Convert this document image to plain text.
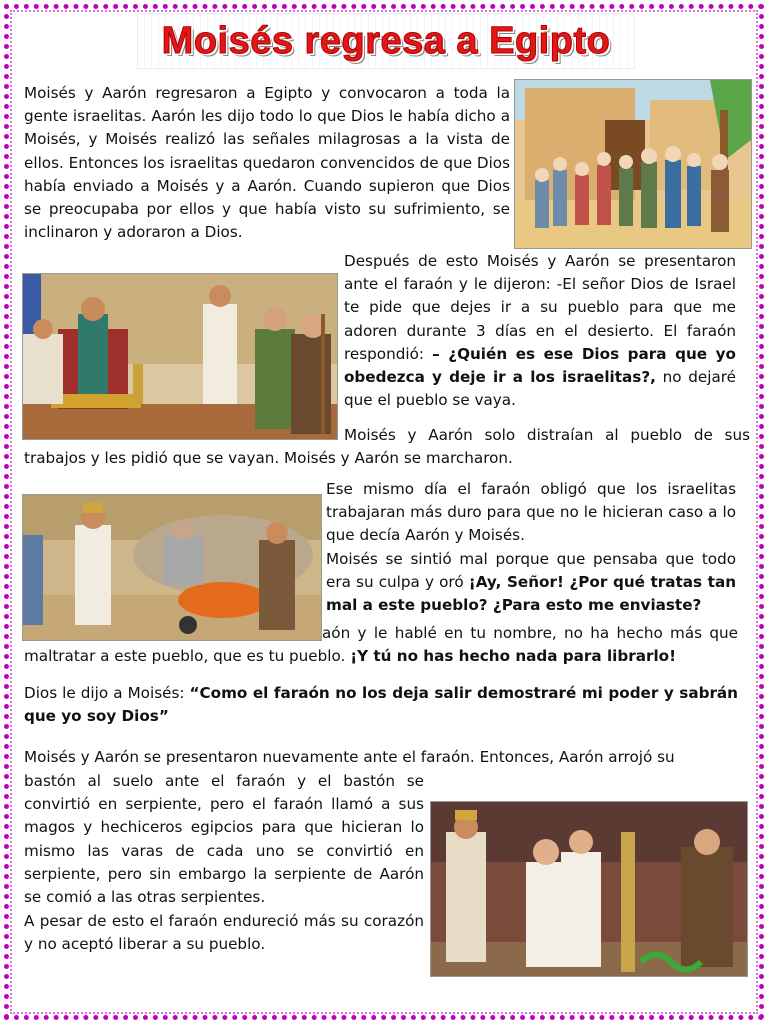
Moisés regresa a Egipto

Moisés y Aarón regresaron a Egipto y convocaron a toda la gente israelitas. Aarón les dijo todo lo que Dios le había dicho a Moisés, y Moisés realizó las señales milagrosas a la vista de ellos. Entonces los israelitas quedaron convencidos de que Dios había enviado a Moisés y a Aarón. Cuando supieron que Dios se preocupaba por ellos y que había visto su sufrimiento, se inclinaron y adoraron a Dios.

Después de esto Moisés y Aarón se presentaron ante el faraón y le dijeron: -El señor Dios de Israel te pide que dejes ir a su pueblo para que me adoren durante 3 días en el desierto. El faraón respondió: – ¿Quién es ese Dios para que yo obedezca y deje ir a los israelitas?, no dejaré que el pueblo se vaya.

Moisés y Aarón solo distraían al pueblo de sus trabajos y les pidió que se vayan. Moisés y Aarón se marcharon.

Ese mismo día el faraón obligó que los israelitas trabajaran más duro para que no le hicieran caso a lo que decía Aarón y Moisés.

Moisés se sintió mal porque que pensaba que todo era su culpa y oró ¡Ay, Señor! ¿Por qué tratas tan mal a este pueblo? ¿Para esto me enviaste?

aón y le hablé en tu nombre, no ha hecho más que maltratar a este pueblo, que es tu pueblo. ¡Y tú no has hecho nada para librarlo!

Dios le dijo a Moisés: “Como el faraón no los deja salir demostraré mi poder y sabrán que yo soy Dios”

Moisés y Aarón se presentaron nuevamente ante el faraón. Entonces, Aarón arrojó su

bastón al suelo ante el faraón y el bastón se convirtió en serpiente, pero el faraón llamó a sus magos y hechiceros egipcios para que hicieran lo mismo las varas de cada uno se convirtió en serpiente, pero sin embargo la serpiente de Aarón se comió a las otras serpientes.

A pesar de esto el faraón endureció más su corazón y no aceptó liberar a su pueblo.
